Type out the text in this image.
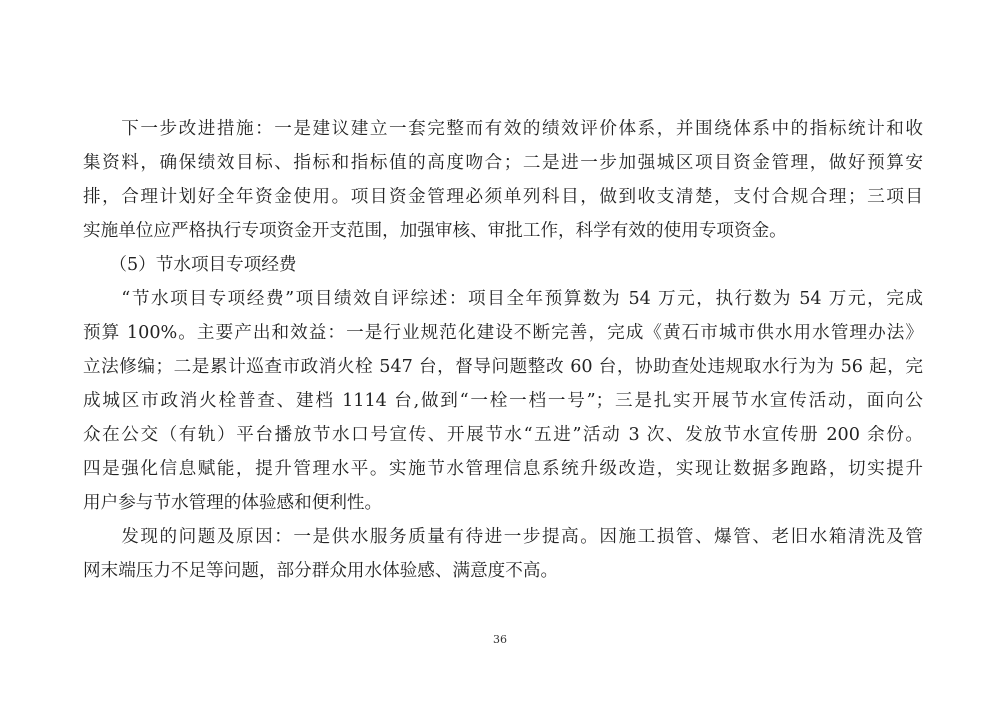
　　下一步改进措施：一是建议建立一套完整而有效的绩效评价体系，并围绕体系中的指标统计和收
集资料，确保绩效目标、指标和指标值的高度吻合；二是进一步加强城区项目资金管理，做好预算安
排，合理计划好全年资金使用。项目资金管理必须单列科目，做到收支清楚，支付合规合理；三项目
实施单位应严格执行专项资金开支范围，加强审核、审批工作，科学有效的使用专项资金。
　　（5）节水项目专项经费
　　“节水项目专项经费”项目绩效自评综述：项目全年预算数为 54 万元，执行数为 54 万元，完成
预算 100%。主要产出和效益：一是行业规范化建设不断完善，完成《黄石市城市供水用水管理办法》
立法修编；二是累计巡查市政消火栓 547 台，督导问题整改 60 台，协助查处违规取水行为为 56 起，完
成城区市政消火栓普查、建档 1114 台,做到“一栓一档一号”；三是扎实开展节水宣传活动，面向公
众在公交（有轨）平台播放节水口号宣传、开展节水“五进”活动 3 次、发放节水宣传册 200 余份。
四是强化信息赋能，提升管理水平。实施节水管理信息系统升级改造，实现让数据多跑路，切实提升
用户参与节水管理的体验感和便利性。
　　发现的问题及原因：一是供水服务质量有待进一步提高。因施工损管、爆管、老旧水箱清洗及管
网末端压力不足等问题，部分群众用水体验感、满意度不高。
36
